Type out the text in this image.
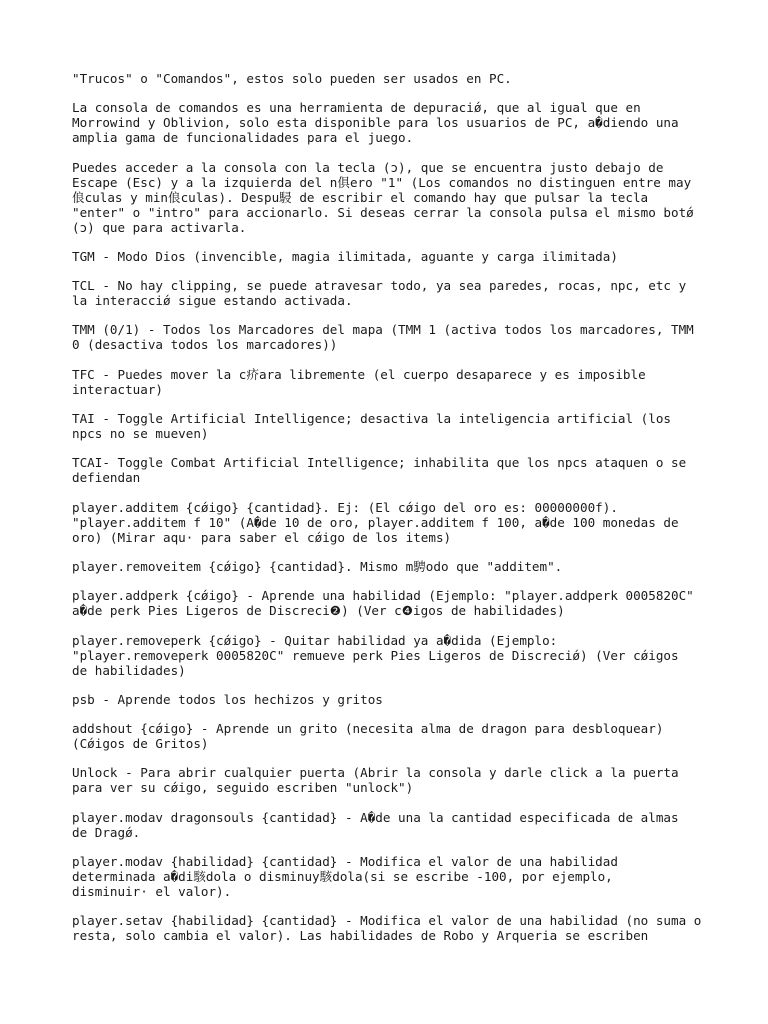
"Trucos" o "Comandos", estos solo pueden ser usados en PC.
La consola de comandos es una herramienta de depuraciǿ, que al igual que en
Morrowind y Oblivion, solo esta disponible para los usuarios de PC, a�diendo una
amplia gama de funcionalidades para el juego.
Puedes acceder a la consola con la tecla (ɔ), que se encuentra justo debajo de
Escape (Esc) y a la izquierda del n俱ero "1" (Los comandos no distinguen entre may
俍culas y min俍culas). Despu駸 de escribir el comando hay que pulsar la tecla
"enter" o "intro" para accionarlo. Si deseas cerrar la consola pulsa el mismo botǿ
(ɔ) que para activarla.
TGM - Modo Dios (invencible, magia ilimitada, aguante y carga ilimitada)
TCL - No hay clipping, se puede atravesar todo, ya sea paredes, rocas, npc, etc y
la interacciǿ sigue estando activada.
TMM (0/1) - Todos los Marcadores del mapa (TMM 1 (activa todos los marcadores, TMM
0 (desactiva todos los marcadores))
TFC - Puedes mover la c疥ara libremente (el cuerpo desaparece y es imposible
interactuar)
TAI - Toggle Artificial Intelligence; desactiva la inteligencia artificial (los
npcs no se mueven)
TCAI- Toggle Combat Artificial Intelligence; inhabilita que los npcs ataquen o se
defiendan
player.additem {cǿigo} {cantidad}. Ej: (El cǿigo del oro es: 00000000f).
"player.additem f 10" (A�de 10 de oro, player.additem f 100, a�de 100 monedas de
oro) (Mirar aqu· para saber el cǿigo de los items)
player.removeitem {cǿigo} {cantidad}. Mismo m騁odo que "additem".
player.addperk {cǿigo} - Aprende una habilidad (Ejemplo: "player.addperk 0005820C"
a�de perk Pies Ligeros de Discreci❷) (Ver c❹igos de habilidades)
player.removeperk {cǿigo} - Quitar habilidad ya a�dida (Ejemplo:
"player.removeperk 0005820C" remueve perk Pies Ligeros de Discreciǿ) (Ver cǿigos
de habilidades)
psb - Aprende todos los hechizos y gritos
addshout {cǿigo} - Aprende un grito (necesita alma de dragon para desbloquear)
(Cǿigos de Gritos)
Unlock - Para abrir cualquier puerta (Abrir la consola y darle click a la puerta
para ver su cǿigo, seguido escriben "unlock")
player.modav dragonsouls {cantidad} - A�de una la cantidad especificada de almas
de Dragǿ.
player.modav {habilidad} {cantidad} - Modifica el valor de una habilidad
determinada a�di駭dola o disminuy駭dola(si se escribe -100, por ejemplo,
disminuir· el valor).
player.setav {habilidad} {cantidad} - Modifica el valor de una habilidad (no suma o
resta, solo cambia el valor). Las habilidades de Robo y Arqueria se escriben
